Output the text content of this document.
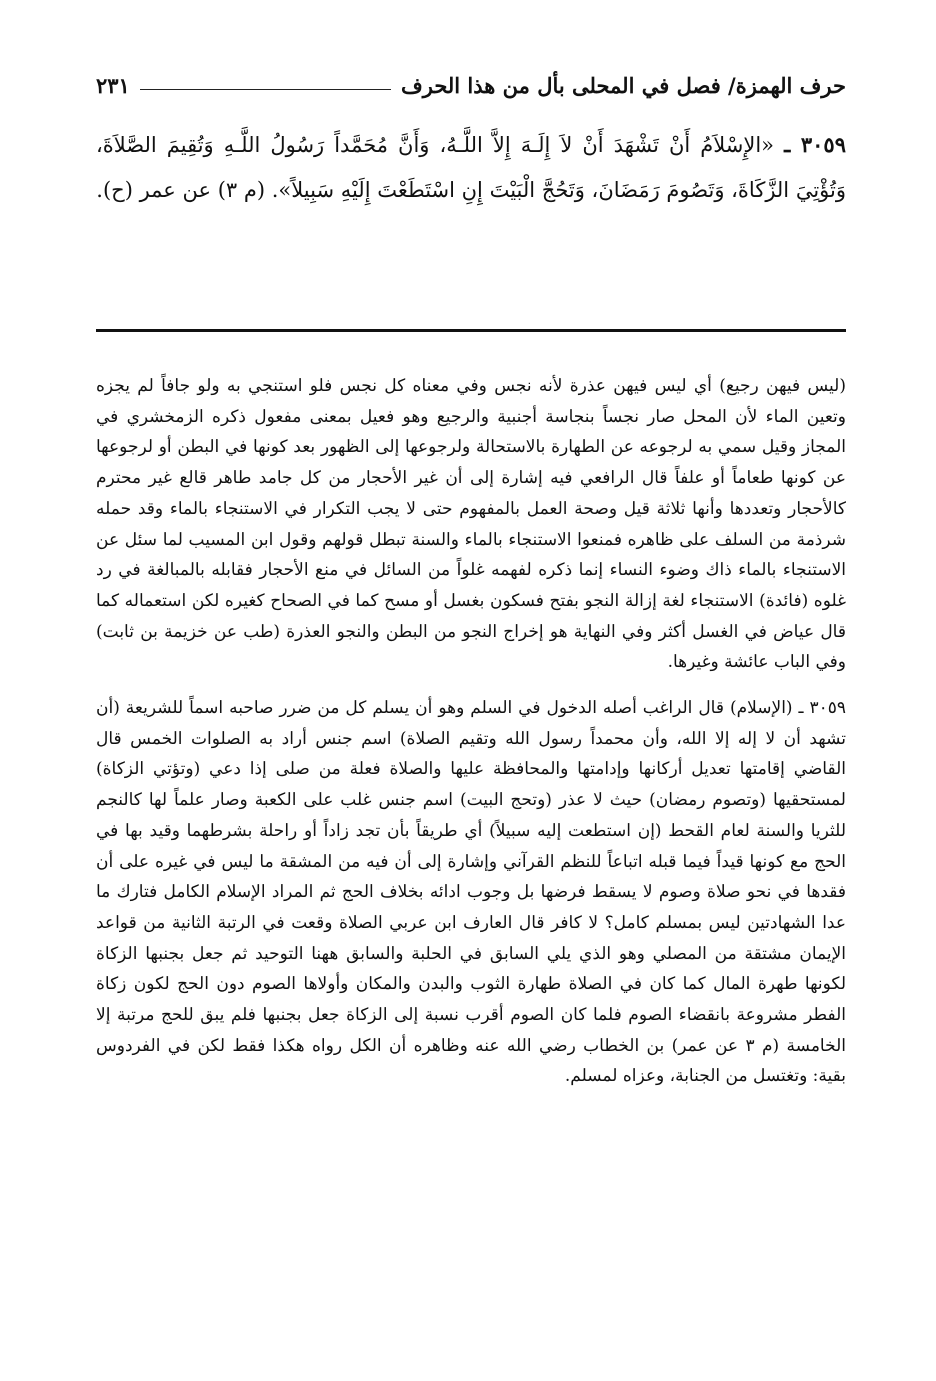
حرف الهمزة/ فصل في المحلى بأل من هذا الحرف
٢٣١
٣٠٥٩ ـ «الإِسْلاَمُ أَنْ تَشْهَدَ أَنْ لاَ إِلَـهَ إِلاَّ اللَّـهُ، وَأَنَّ مُحَمَّداً رَسُولُ اللَّـهِ وَتُقِيمَ الصَّلاَةَ، وَتُؤْتِيَ الزَّكَاةَ، وَتَصُومَ رَمَضَانَ، وَتَحُجَّ الْبَيْتَ إِنِ اسْتَطَعْتَ إِلَيْهِ سَبِيلاً». (م ٣) عن عمر (ح).

(ليس فيهن رجيع) أي ليس فيهن عذرة لأنه نجس وفي معناه كل نجس فلو استنجي به ولو جافاً لم يجزه وتعين الماء لأن المحل صار نجساً بنجاسة أجنبية والرجيع وهو فعيل بمعنى مفعول ذكره الزمخشري في المجاز وقيل سمي به لرجوعه عن الطهارة بالاستحالة ولرجوعها إلى الظهور بعد كونها في البطن أو لرجوعها عن كونها طعاماً أو علفاً قال الرافعي فيه إشارة إلى أن غير الأحجار من كل جامد طاهر قالع غير محترم كالأحجار وتعددها وأنها ثلاثة قيل وصحة العمل بالمفهوم حتى لا يجب التكرار في الاستنجاء بالماء وقد حمله شرذمة من السلف على ظاهره فمنعوا الاستنجاء بالماء والسنة تبطل قولهم وقول ابن المسيب لما سئل عن الاستنجاء بالماء ذاك وضوء النساء إنما ذكره لفهمه غلواً من السائل في منع الأحجار فقابله بالمبالغة في رد غلوه (فائدة) الاستنجاء لغة إزالة النجو بفتح فسكون بغسل أو مسح كما في الصحاح كغيره لكن استعماله كما قال عياض في الغسل أكثر وفي النهاية هو إخراج النجو من البطن والنجو العذرة (طب عن خزيمة بن ثابت) وفي الباب عائشة وغيرها.

٣٠٥٩ ـ (الإسلام) قال الراغب أصله الدخول في السلم وهو أن يسلم كل من ضرر صاحبه اسماً للشريعة (أن تشهد أن لا إله إلا الله، وأن محمداً رسول الله وتقيم الصلاة) اسم جنس أراد به الصلوات الخمس قال القاضي إقامتها تعديل أركانها وإدامتها والمحافظة عليها والصلاة فعلة من صلى إذا دعي (وتؤتي الزكاة) لمستحقيها (وتصوم رمضان) حيث لا عذر (وتحج البيت) اسم جنس غلب على الكعبة وصار علماً لها كالنجم للثريا والسنة لعام القحط (إن استطعت إليه سبيلاً) أي طريقاً بأن تجد زاداً أو راحلة بشرطهما وقيد بها في الحج مع كونها قيداً فيما قبله اتباعاً للنظم القرآني وإشارة إلى أن فيه من المشقة ما ليس في غيره على أن فقدها في نحو صلاة وصوم لا يسقط فرضها بل وجوب ادائه بخلاف الحج ثم المراد الإسلام الكامل فتارك ما عدا الشهادتين ليس بمسلم كامل؟ لا كافر قال العارف ابن عربي الصلاة وقعت في الرتبة الثانية من قواعد الإيمان مشتقة من المصلي وهو الذي يلي السابق في الحلبة والسابق ههنا التوحيد ثم جعل بجنبها الزكاة لكونها طهرة المال كما كان في الصلاة طهارة الثوب والبدن والمكان وأولاها الصوم دون الحج لكون زكاة الفطر مشروعة بانقضاء الصوم فلما كان الصوم أقرب نسبة إلى الزكاة جعل بجنبها فلم يبق للحج مرتبة إلا الخامسة (م ٣ عن عمر) بن الخطاب رضي الله عنه وظاهره أن الكل رواه هكذا فقط لكن في الفردوس بقية: وتغتسل من الجنابة، وعزاه لمسلم.
